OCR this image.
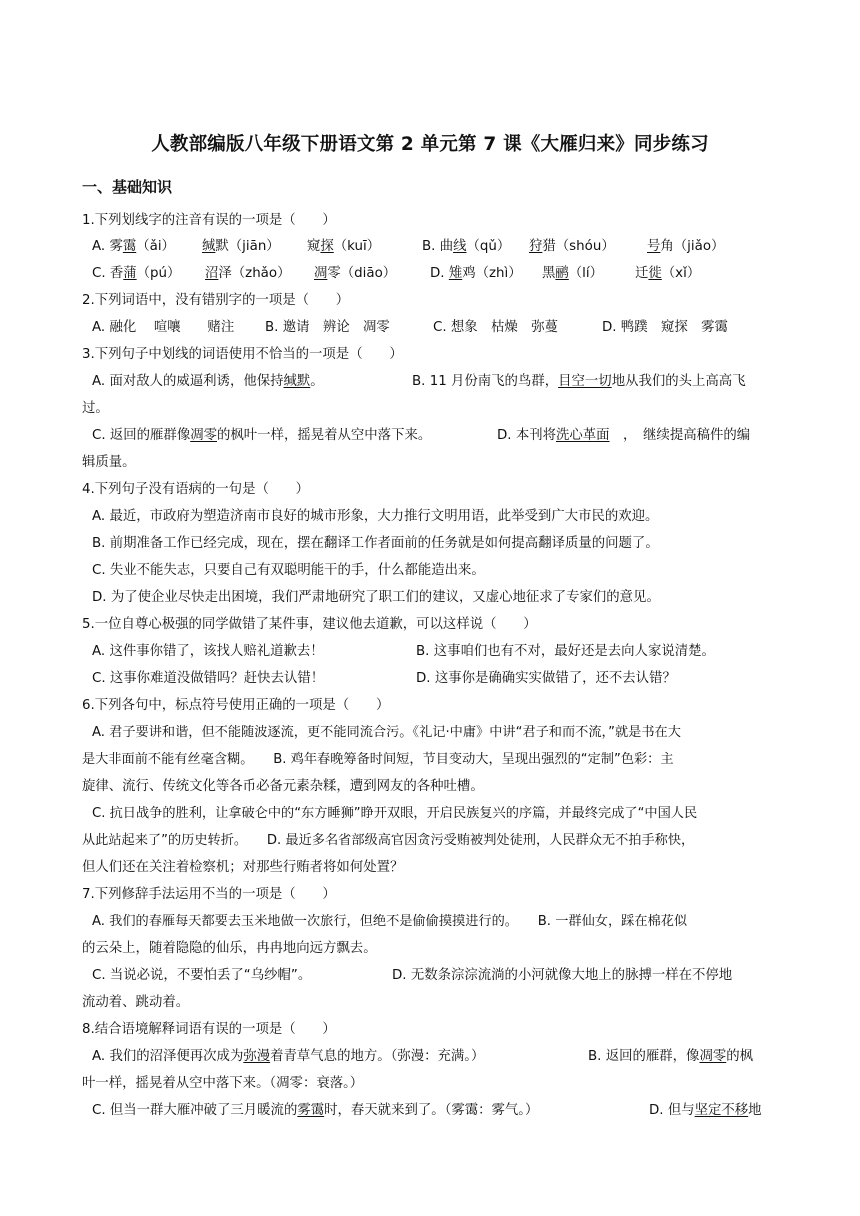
人教部编版八年级下册语文第 2 单元第 7 课《大雁归来》同步练习
一、基础知识
1.下列划线字的注音有误的一项是（　　）
A. 雾霭（ǎi） 缄默（jiān） 窥探（kuī）	B. 曲线（qǔ） 狩猎（shóu） 号角（jiǎo）
C. 香蒲（pú） 沼泽（zhǎo） 凋零（diāo）	D. 雉鸡（zhì） 黑鹂（lí） 迁徙（xǐ）
2.下列词语中，没有错别字的一项是（　　）
A. 融化　 喧嚷　　赌注 B. 邀请　辨论　凋零	C. 想象　枯燥　弥蔓	D. 鸭蹼　窥探　雾霭
3.下列句子中划线的词语使用不恰当的一项是（　　）
A. 面对敌人的威逼利诱，他保持缄默。	B. 11 月份南飞的鸟群，目空一切地从我们的头上高高飞
过。
C. 返回的雁群像凋零的枫叶一样，摇晃着从空中落下来。	D. 本刊将洗心革面　，　继续提高稿件的编
辑质量。
4.下列句子没有语病的一句是（　　）
A. 最近，市政府为塑造济南市良好的城市形象，大力推行文明用语，此举受到广大市民的欢迎。
B. 前期准备工作已经完成，现在，摆在翻译工作者面前的任务就是如何提高翻译质量的问题了。
C. 失业不能失志，只要自己有双聪明能干的手，什么都能造出来。
D. 为了使企业尽快走出困境，我们严肃地研究了职工们的建议，又虚心地征求了专家们的意见。
5.一位自尊心极强的同学做错了某件事，建议他去道歉，可以这样说（　　）
A. 这件事你错了，该找人赔礼道歉去！	B. 这事咱们也有不对，最好还是去向人家说清楚。
C. 这事你难道没做错吗？赶快去认错！	D. 这事你是确确实实做错了，还不去认错？
6.下列各句中，标点符号使用正确的一项是（　　）
A. 君子要讲和谐，但不能随波逐流，更不能同流合污。《礼记·中庸》中讲“君子和而不流，”就是书在大
是大非面前不能有丝毫含糊。　　B. 鸡年春晚筹备时间短，节目变动大，呈现出强烈的“定制”色彩：主
旋律、流行、传统文化等各币必备元素杂糅，遭到网友的各种吐槽。
C. 抗日战争的胜利，让拿破仑中的“东方睡狮”睁开双眼，开启民族复兴的序篇，并最终完成了“中国人民
从此站起来了”的历史转折。　　D. 最近多名省部级高官因贪污受贿被判处徒刑，人民群众无不拍手称快，
但人们还在关注着检察机；对那些行贿者将如何处置？
7.下列修辞手法运用不当的一项是（　　）
A. 我们的春雁每天都要去玉米地做一次旅行，但绝不是偷偷摸摸进行的。　　B. 一群仙女，踩在棉花似
的云朵上，随着隐隐的仙乐，冉冉地向远方飘去。
C. 当说必说，不要怕丢了“乌纱帽”。	D. 无数条淙淙流淌的小河就像大地上的脉搏一样在不停地
流动着、跳动着。
8.结合语境解释词语有误的一项是（　　）
A. 我们的沼泽便再次成为弥漫着青草气息的地方。（弥漫：充满。）	B. 返回的雁群，像凋零的枫
叶一样，摇晃着从空中落下来。（凋零：衰落。）
C. 但当一群大雁冲破了三月暖流的雾霭时，春天就来到了。（雾霭：雾气。）	D. 但与坚定不移地
